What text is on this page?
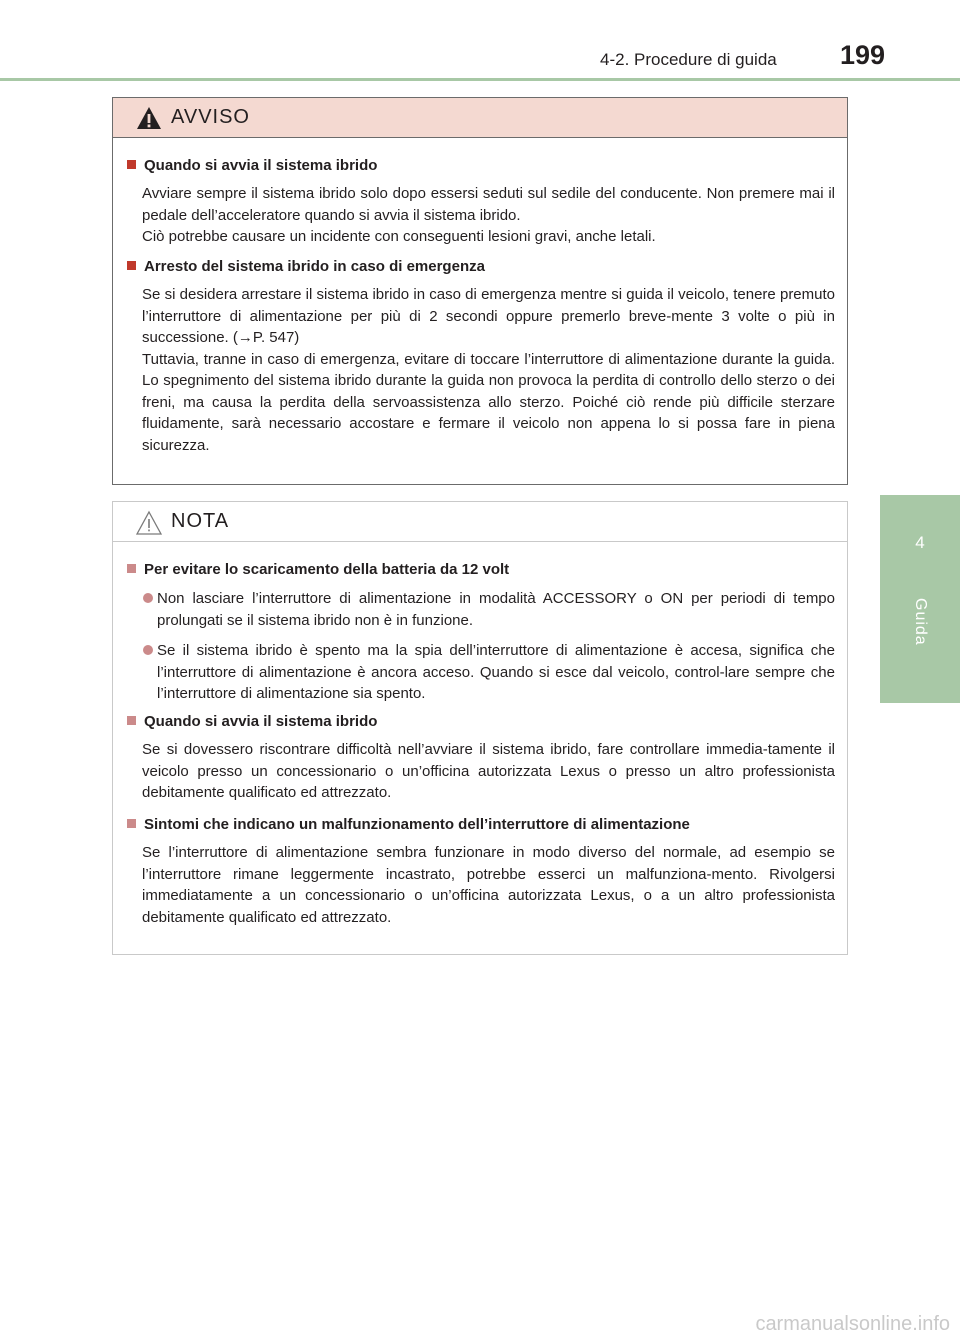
4-2. Procedure di guida 199
4
Guida
AVVISO
Quando si avvia il sistema ibrido
Avviare sempre il sistema ibrido solo dopo essersi seduti sul sedile del conducente. Non premere mai il pedale dell’acceleratore quando si avvia il sistema ibrido.
Ciò potrebbe causare un incidente con conseguenti lesioni gravi, anche letali.
Arresto del sistema ibrido in caso di emergenza
Se si desidera arrestare il sistema ibrido in caso di emergenza mentre si guida il veicolo, tenere premuto l’interruttore di alimentazione per più di 2 secondi oppure premerlo breve-mente 3 volte o più in successione. (→P. 547)
Tuttavia, tranne in caso di emergenza, evitare di toccare l’interruttore di alimentazione durante la guida. Lo spegnimento del sistema ibrido durante la guida non provoca la perdita di controllo dello sterzo o dei freni, ma causa la perdita della servoassistenza allo sterzo. Poiché ciò rende più difficile sterzare fluidamente, sarà necessario accostare e fermare il veicolo non appena lo si possa fare in piena sicurezza.
NOTA
Per evitare lo scaricamento della batteria da 12 volt
Non lasciare l’interruttore di alimentazione in modalità ACCESSORY o ON per periodi di tempo prolungati se il sistema ibrido non è in funzione.
Se il sistema ibrido è spento ma la spia dell’interruttore di alimentazione è accesa, significa che l’interruttore di alimentazione è ancora acceso. Quando si esce dal veicolo, control-lare sempre che l’interruttore di alimentazione sia spento.
Quando si avvia il sistema ibrido
Se si dovessero riscontrare difficoltà nell’avviare il sistema ibrido, fare controllare immedia-tamente il veicolo presso un concessionario o un’officina autorizzata Lexus o presso un altro professionista debitamente qualificato ed attrezzato.
Sintomi che indicano un malfunzionamento dell’interruttore di alimentazione
Se l’interruttore di alimentazione sembra funzionare in modo diverso del normale, ad esempio se l’interruttore rimane leggermente incastrato, potrebbe esserci un malfunziona-mento. Rivolgersi immediatamente a un concessionario o un’officina autorizzata Lexus, o a un altro professionista debitamente qualificato ed attrezzato.
carmanualsonline.info
